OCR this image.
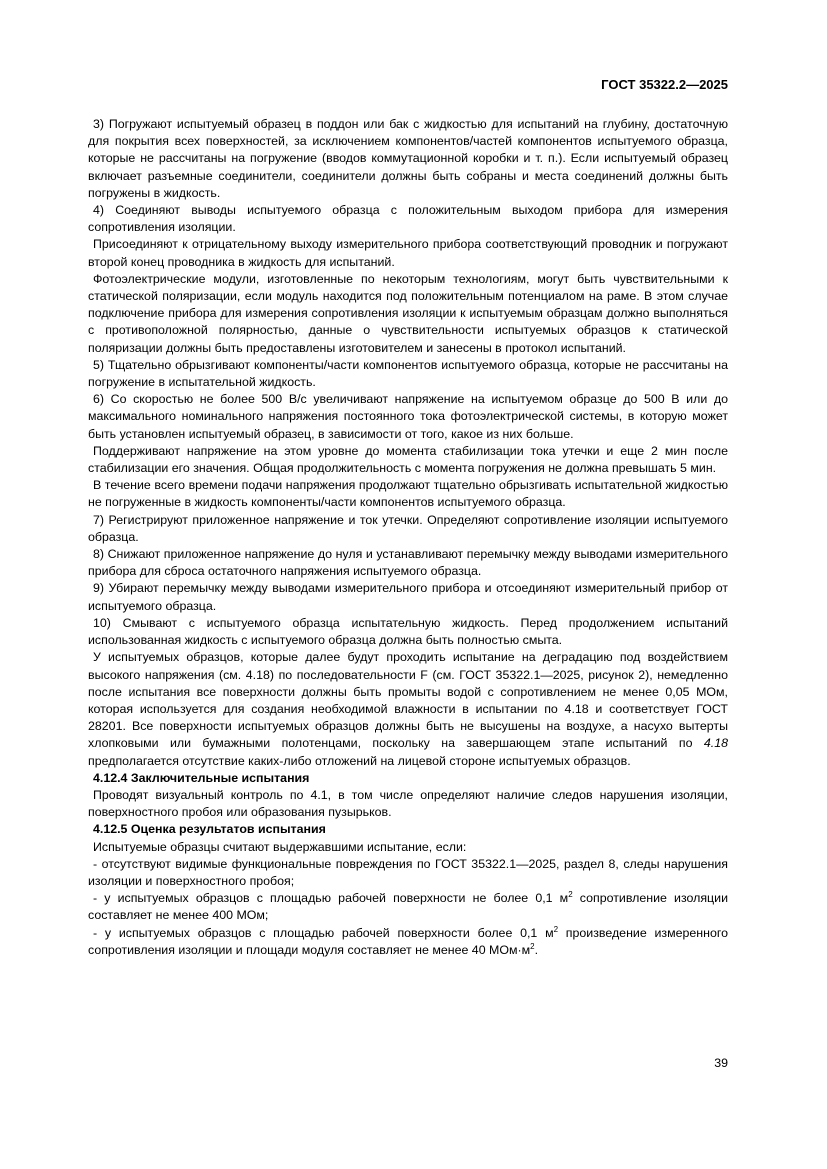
ГОСТ 35322.2—2025

3) Погружают испытуемый образец в поддон или бак с жидкостью для испытаний на глубину, достаточную для покрытия всех поверхностей, за исключением компонентов/частей компонентов испытуемого образца, которые не рассчитаны на погружение (вводов коммутационной коробки и т. п.). Если испытуемый образец включает разъемные соединители, соединители должны быть собраны и места соединений должны быть погружены в жидкость.

4) Соединяют выводы испытуемого образца с положительным выходом прибора для измерения сопротивления изоляции.

Присоединяют к отрицательному выходу измерительного прибора соответствующий проводник и погружают второй конец проводника в жидкость для испытаний.

Фотоэлектрические модули, изготовленные по некоторым технологиям, могут быть чувствительными к статической поляризации, если модуль находится под положительным потенциалом на раме. В этом случае подключение прибора для измерения сопротивления изоляции к испытуемым образцам должно выполняться с противоположной полярностью, данные о чувствительности испытуемых образцов к статической поляризации должны быть предоставлены изготовителем и занесены в протокол испытаний.

5) Тщательно обрызгивают компоненты/части компонентов испытуемого образца, которые не рассчитаны на погружение в испытательной жидкость.

6) Со скоростью не более 500 В/с увеличивают напряжение на испытуемом образце до 500 В или до максимального номинального напряжения постоянного тока фотоэлектрической системы, в которую может быть установлен испытуемый образец, в зависимости от того, какое из них больше.

Поддерживают напряжение на этом уровне до момента стабилизации тока утечки и еще 2 мин после стабилизации его значения. Общая продолжительность с момента погружения не должна превышать 5 мин.

В течение всего времени подачи напряжения продолжают тщательно обрызгивать испытательной жидкостью не погруженные в жидкость компоненты/части компонентов испытуемого образца.

7) Регистрируют приложенное напряжение и ток утечки. Определяют сопротивление изоляции испытуемого образца.

8) Снижают приложенное напряжение до нуля и устанавливают перемычку между выводами измерительного прибора для сброса остаточного напряжения испытуемого образца.

9) Убирают перемычку между выводами измерительного прибора и отсоединяют измерительный прибор от испытуемого образца.

10) Смывают с испытуемого образца испытательную жидкость. Перед продолжением испытаний использованная жидкость с испытуемого образца должна быть полностью смыта.

У испытуемых образцов, которые далее будут проходить испытание на деградацию под воздействием высокого напряжения (см. 4.18) по последовательности F (см. ГОСТ 35322.1—2025, рисунок 2), немедленно после испытания все поверхности должны быть промыты водой с сопротивлением не менее 0,05 МОм, которая используется для создания необходимой влажности в испытании по 4.18 и соответствует ГОСТ 28201. Все поверхности испытуемых образцов должны быть не высушены на воздухе, а насухо вытерты хлопковыми или бумажными полотенцами, поскольку на завершающем этапе испытаний по 4.18 предполагается отсутствие каких-либо отложений на лицевой стороне испытуемых образцов.

4.12.4 Заключительные испытания

Проводят визуальный контроль по 4.1, в том числе определяют наличие следов нарушения изоляции, поверхностного пробоя или образования пузырьков.

4.12.5 Оценка результатов испытания

Испытуемые образцы считают выдержавшими испытание, если:

- отсутствуют видимые функциональные повреждения по ГОСТ 35322.1—2025, раздел 8, следы нарушения изоляции и поверхностного пробоя;

- у испытуемых образцов с площадью рабочей поверхности не более 0,1 $м^2$ сопротивление изоляции составляет не менее 400 МОм;

- у испытуемых образцов с площадью рабочей поверхности более 0,1 $м^2$ произведение измеренного сопротивления изоляции и площади модуля составляет не менее 40 $МОм\cdot м^2$.

39
